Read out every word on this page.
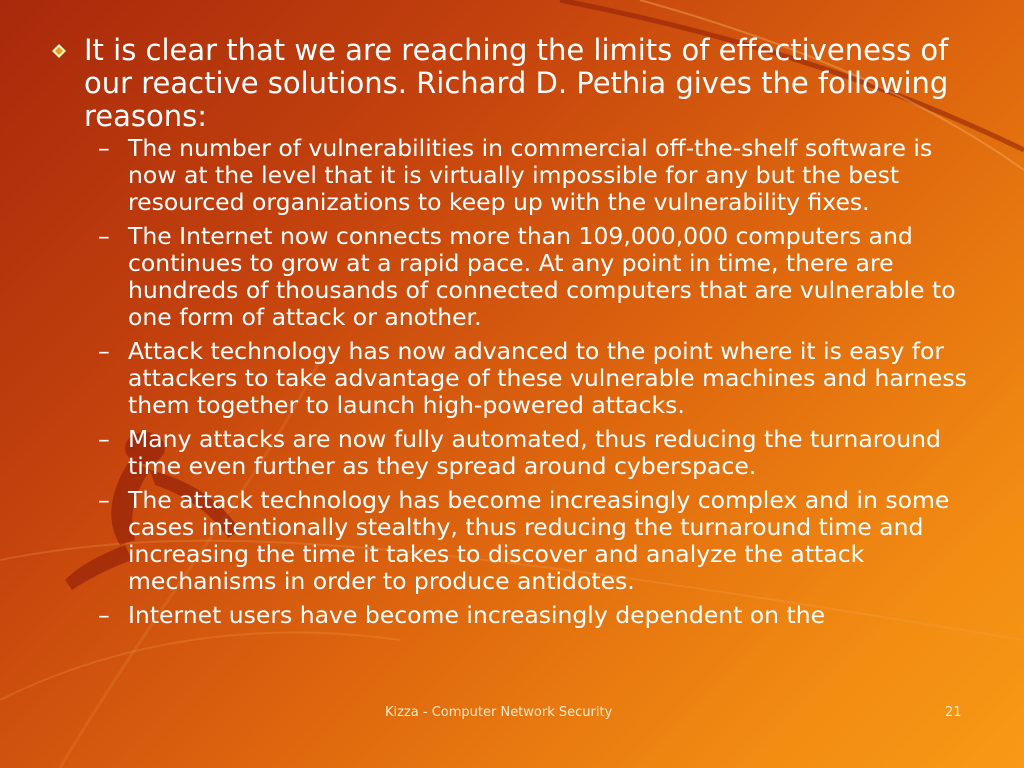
It is clear that we are reaching the limits of effectiveness of our reactive solutions. Richard D. Pethia gives the following reasons:
– The number of vulnerabilities in commercial off-the-shelf software is now at the level that it is virtually impossible for any but the best resourced organizations to keep up with the vulnerability fixes.
– The Internet now connects more than 109,000,000 computers and continues to grow at a rapid pace. At any point in time, there are hundreds of thousands of connected computers that are vulnerable to one form of attack or another.
– Attack technology has now advanced to the point where it is easy for attackers to take advantage of these vulnerable machines and harness them together to launch high-powered attacks.
– Many attacks are now fully automated, thus reducing the turnaround time even further as they spread around cyberspace.
– The attack technology has become increasingly complex and in some cases intentionally stealthy, thus reducing the turnaround time and increasing the time it takes to discover and analyze the attack mechanisms in order to produce antidotes.
– Internet users have become increasingly dependent on the
Kizza - Computer Network Security	21
